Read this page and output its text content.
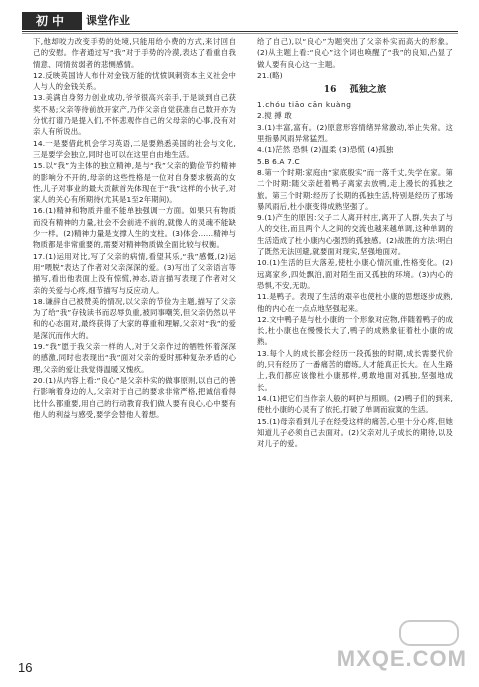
初中	课堂作业

下,他却咬力改变手势的处境,只能用给小费的方式,来讨回自己的安慰。作者通过写“我”对于手势的冷漠,表达了看重自我情意、同情贫弱者的悲恻感情。

12.反映英国诗人布什对金钱万能的忧愤讽刺资本主义社会中人与人的金钱关系。

13.美满自身努力创业成功,爷爷很高兴亲手,于是谈到自己获奖不易;父亲等待前放开家产,乃伴父亲自觉获准自己数开亦为分忧打谱乃是提入们,不怀悲观作自己的父母亲的心事,没有对亲人有所说出。

14.一是要借此机会学习英语,二是要熟悉美国的社会与文化,三是要学会独立,同时也可以在这里自由地生活。

15.以“我”为主体的独立精神,是与“我”父亲的勤俭节约精神的影响分不开的,母亲的这些性格是一位对自身要求极高的女性,儿子对事业的最大贡献首先体现在于“我”这样的小伙子,对家人的关心有所期待(尤其是1至2年期间)。

16.(1)精神和物质并重不能单独强调一方面。如果只有物质而没有精神的力量,社会不会前进不前的,就像人的灵魂不能缺少一样。(2)精神力量是支撑人生的支柱。(3)体会……精神与物质都是非常重要的,需要对精神物质做全面比较与权衡。

17.(1)运用对比,写了父亲的病情,看望其乐,“我”感慨,(2)运用“喂脱”表达了作者对父亲深深的爱。(3)写出了父亲语言等描写,看出他表面上没有惊慌,神态,语言描写表现了作者对父亲的关爱与心疼,细节描写与反应动人。

18.谦辞自己被赞美的情况,以父亲的节俭为主题,描写了父亲为了给“我”存钱读书而忍辱负重,被同事嘲笑,但父亲仍然以平和的心态面对,最终获得了大家的尊重和理解,父亲对“我”的爱是深沉而伟大的。

19.“我”愿于我父亲一样的人,对于父亲作过的牺牲怀着深深的感激,同时也表现出“我”面对父亲的爱时那种复杂矛盾的心理,父亲的爱让我觉得温暖又愧疚。

20.(1)从内容上看:“良心”是父亲朴实的做事原则,以自己的善行影响着身边的人,父亲对于自己的要求非常严格,把诚信看得比什么都重要,用自己的行动教育我们做人要有良心,心中要有他人的利益与感受,要学会替他人着想。

给了自己),以“良心”为题突出了父亲朴实而高大的形象。(2)从主题上看:“良心”这个词也唤醒了“我”的良知,凸显了做人要有良心这一主题。

21.(略)

16 孤独之旅

1.chóu tiāo cān kuàng

2.搅 搏 敢

3.(1)丰富,富有。(2)原意形容情绪异常激动,举止失常。这里指暴风雨异常猛烈。

4.(1)茫然 恐惧 (2)温柔 (3)恐慌 (4)孤独

5.B 6.A 7.C

8.第一个时期:家庭由“家底殷实”而一落千丈,失学在家。第二个时期:随父亲赶着鸭子离家去放鸭,走上漫长的孤独之旅。第三个时期:经历了长期的孤独生活,特别是经历了那场暴风雨后,杜小康变得成熟坚强了。

9.(1)产生的原因:父子二人离开村庄,离开了人群,失去了与人的交往,而且两个人之间的交流也越来越单调,这种单调的生活造成了杜小康内心强烈的孤独感。(2)战胜的方法:明白了既然无法回避,就要面对现实,坚强地面对。

10.(1)生活的巨大落差,使杜小康心情沉重,性格变化。(2)远离家乡,四处飘泊,面对陌生而又孤独的环境。(3)内心的恐惧,不安,无助。

11.是鸭子。表现了生活的艰辛也使杜小康的思想逐步成熟,他的内心在一点点地坚强起来。

12.文中鸭子是与杜小康的一个形象对应物,伴随着鸭子的成长,杜小康也在慢慢长大了,鸭子的成熟象征着杜小康的成熟。

13.每个人的成长都会经历一段孤独的时期,成长需要代价的,只有经历了一番痛苦的磨练,人才能真正长大。在人生路上,我们都应该像杜小康那样,勇敢地面对孤独,坚强地成长。

14.(1)把它们当作亲人般的呵护与照顾。(2)鸭子们的到来,使杜小康的心灵有了依托,打破了单调而寂寞的生活。

15.(1)母亲看到儿子在经受这样的痛苦,心里十分心疼,但她知道儿子必须自己去面对。(2)父亲对儿子成长的期待,以及对儿子的爱。

16	MXQE.COM
